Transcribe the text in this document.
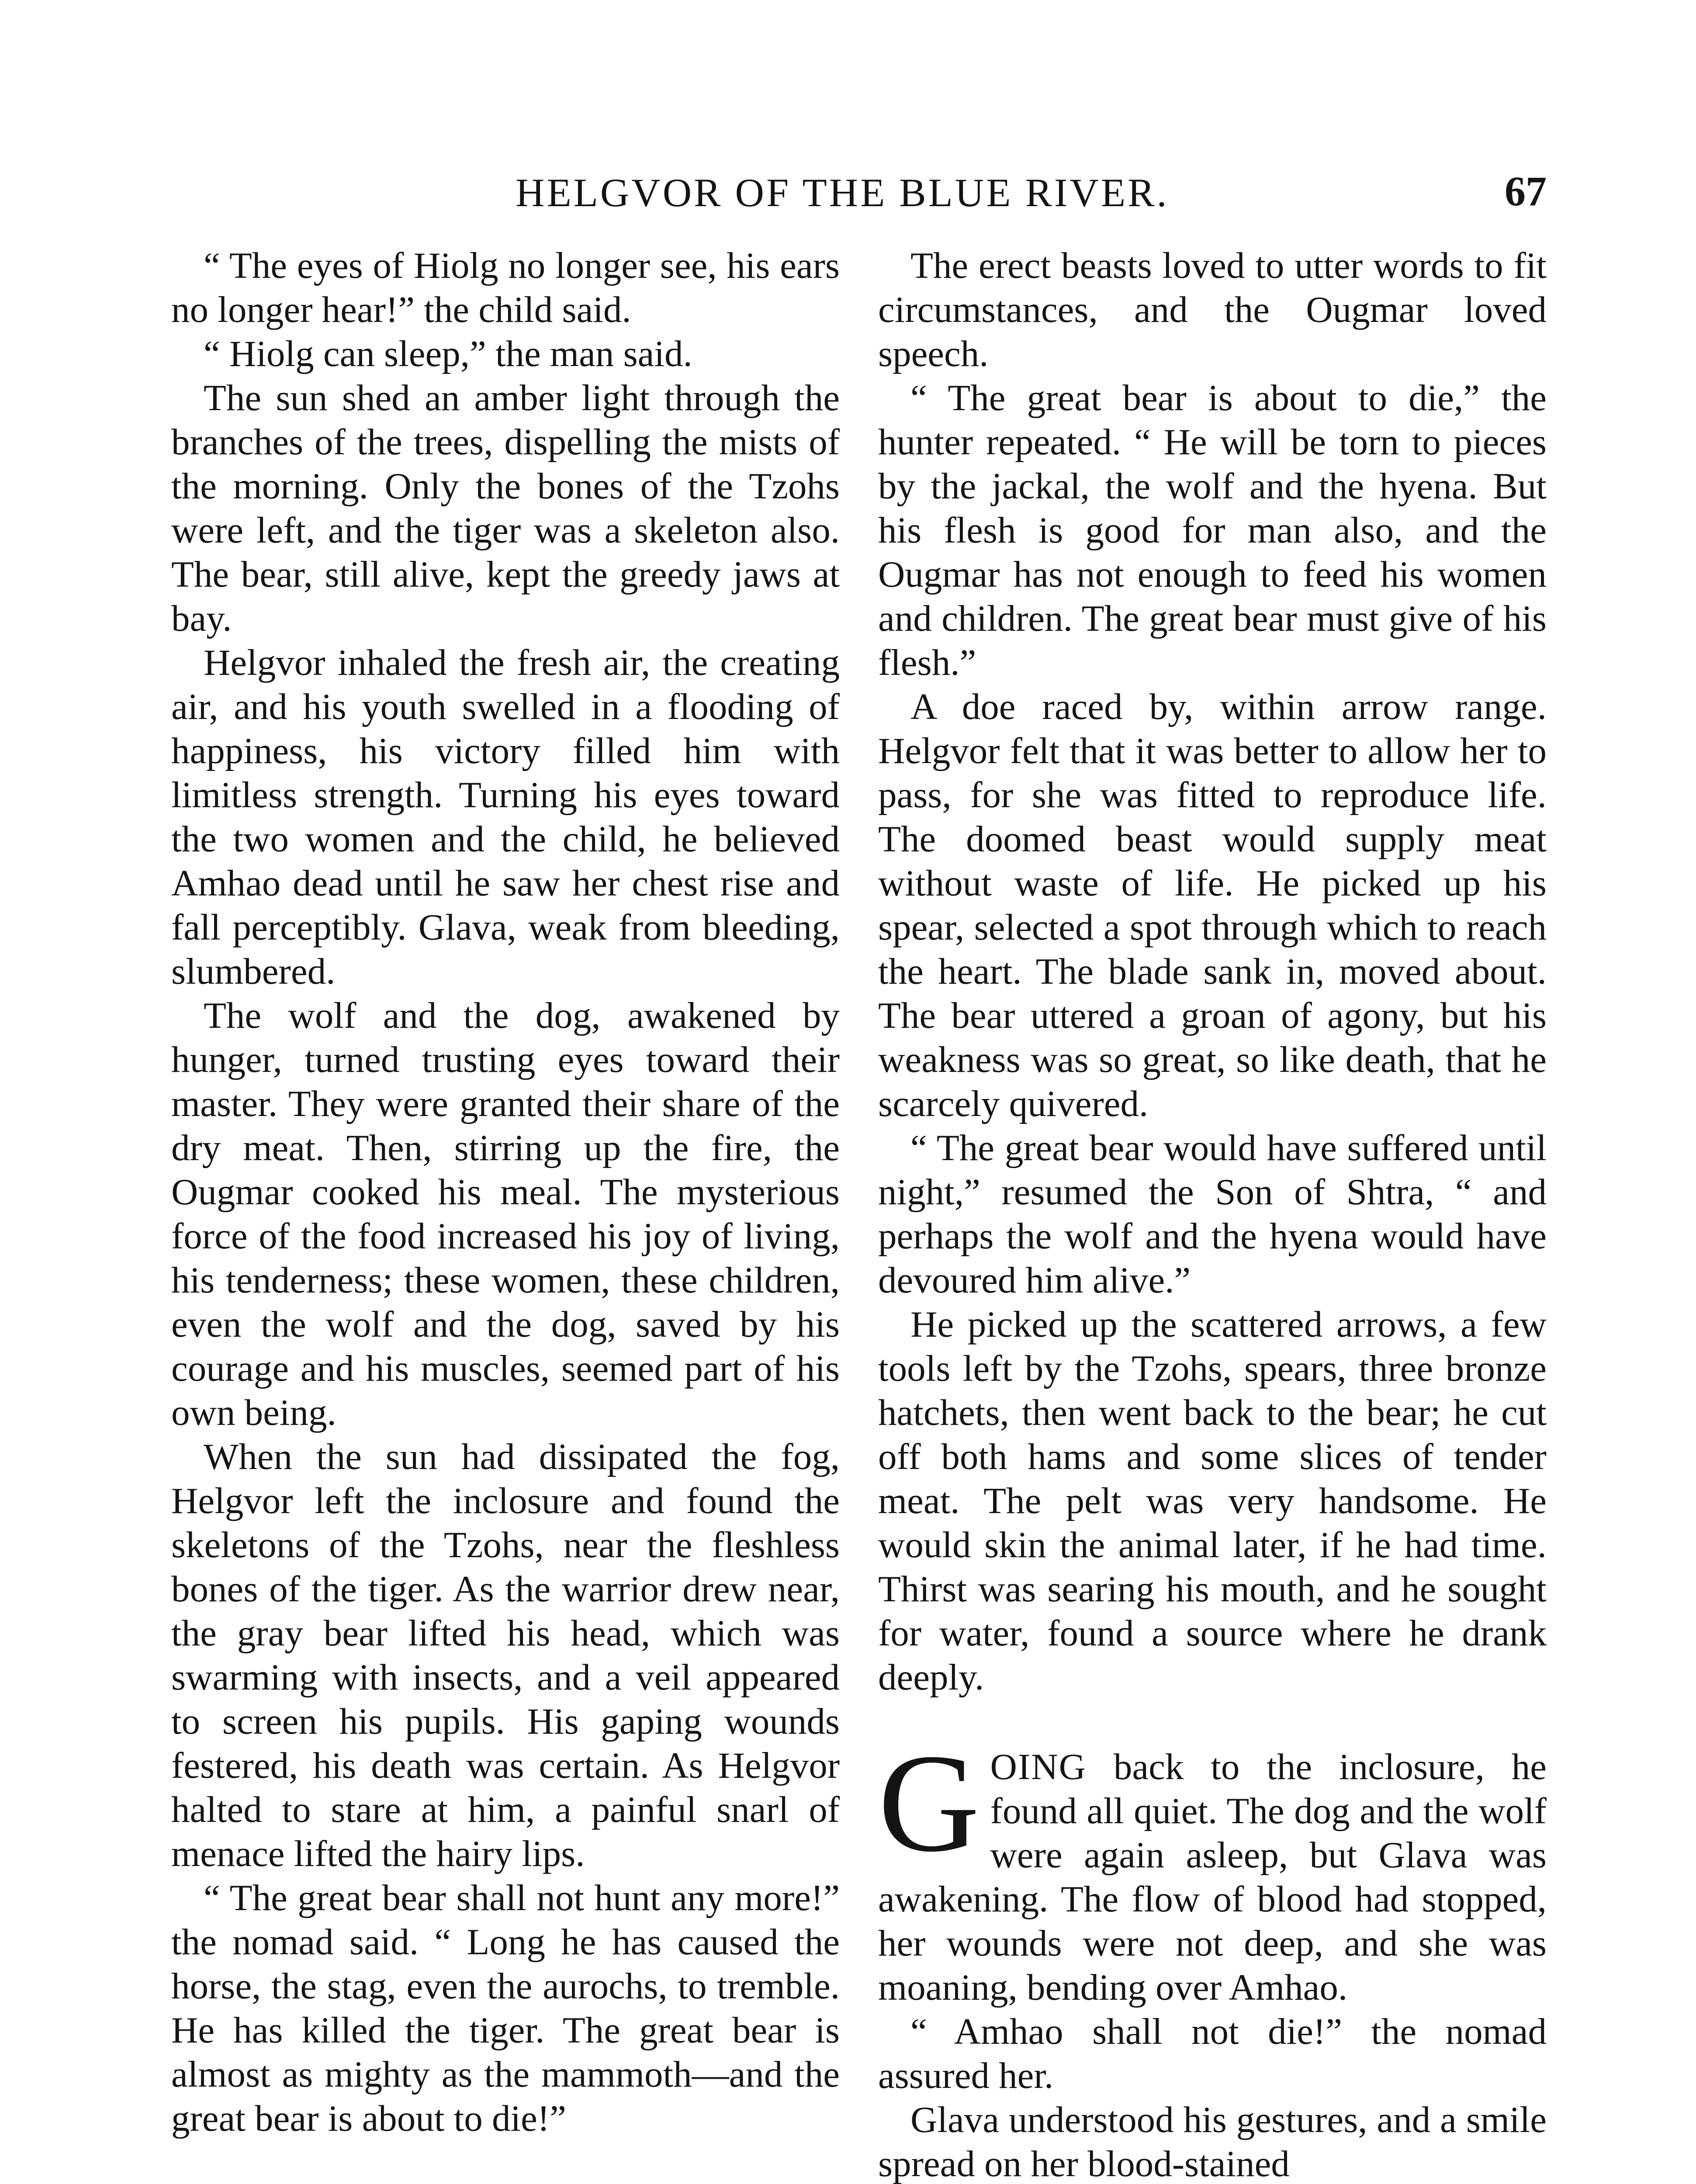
HELGVOR OF THE BLUE RIVER.	67

“ The eyes of Hiolg no longer see, his ears no longer hear!” the child said.

“ Hiolg can sleep,” the man said.

The sun shed an amber light through the branches of the trees, dispelling the mists of the morning. Only the bones of the Tzohs were left, and the tiger was a skeleton also. The bear, still alive, kept the greedy jaws at bay.

Helgvor inhaled the fresh air, the creating air, and his youth swelled in a flooding of happiness, his victory filled him with limitless strength. Turning his eyes toward the two women and the child, he believed Amhao dead until he saw her chest rise and fall perceptibly. Glava, weak from bleeding, slumbered.

The wolf and the dog, awakened by hunger, turned trusting eyes toward their master. They were granted their share of the dry meat. Then, stirring up the fire, the Ougmar cooked his meal. The mysterious force of the food increased his joy of living, his tenderness; these women, these children, even the wolf and the dog, saved by his courage and his muscles, seemed part of his own being.

When the sun had dissipated the fog, Helgvor left the inclosure and found the skeletons of the Tzohs, near the fleshless bones of the tiger. As the warrior drew near, the gray bear lifted his head, which was swarming with insects, and a veil appeared to screen his pupils. His gaping wounds festered, his death was certain. As Helgvor halted to stare at him, a painful snarl of menace lifted the hairy lips.

“ The great bear shall not hunt any more!” the nomad said. “ Long he has caused the horse, the stag, even the aurochs, to tremble. He has killed the tiger. The great bear is almost as mighty as the mammoth—and the great bear is about to die!”

The erect beasts loved to utter words to fit circumstances, and the Ougmar loved speech.

“ The great bear is about to die,” the hunter repeated. “ He will be torn to pieces by the jackal, the wolf and the hyena. But his flesh is good for man also, and the Ougmar has not enough to feed his women and children. The great bear must give of his flesh.”

A doe raced by, within arrow range. Helgvor felt that it was better to allow her to pass, for she was fitted to reproduce life. The doomed beast would supply meat without waste of life. He picked up his spear, selected a spot through which to reach the heart. The blade sank in, moved about. The bear uttered a groan of agony, but his weakness was so great, so like death, that he scarcely quivered.

“ The great bear would have suffered until night,” resumed the Son of Shtra, “ and perhaps the wolf and the hyena would have devoured him alive.”

He picked up the scattered arrows, a few tools left by the Tzohs, spears, three bronze hatchets, then went back to the bear; he cut off both hams and some slices of tender meat. The pelt was very handsome. He would skin the animal later, if he had time. Thirst was searing his mouth, and he sought for water, found a source where he drank deeply.

GOING back to the inclosure, he found all quiet. The dog and the wolf were again asleep, but Glava was awakening. The flow of blood had stopped, her wounds were not deep, and she was moaning, bending over Amhao.

“ Amhao shall not die!” the nomad assured her.

Glava understood his gestures, and a smile spread on her blood-stained
